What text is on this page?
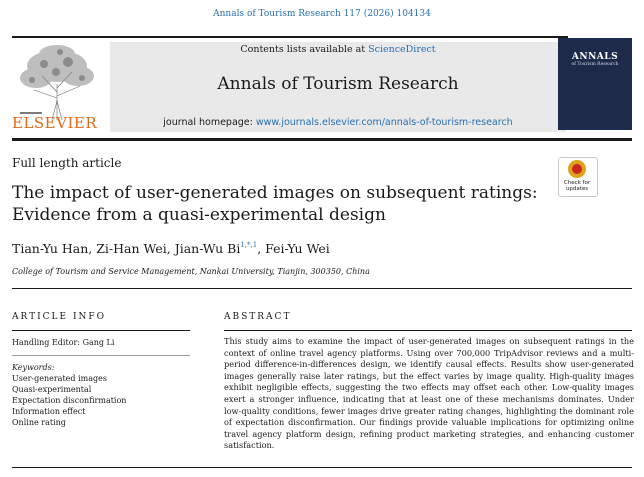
Annals of Tourism Research 117 (2026) 104134
ELSEVIER
Contents lists available at ScienceDirect
Annals of Tourism Research
journal homepage: www.journals.elsevier.com/annals-of-tourism-research
ANNALS
of Tourism Research
Full length article
Check for updates
The impact of user-generated images on subsequent ratings: Evidence from a quasi-experimental design
Tian-Yu Han, Zi-Han Wei, Jian-Wu $Bi^{1,*,1}$, Fei-Yu Wei
College of Tourism and Service Management, Nankai University, Tianjin, 300350, China
ARTICLE INFO	ABSTRACT
Handling Editor: Gang Li
Keywords:
User-generated images
Quasi-experimental
Expectation disconfirmation
Information effect
Online rating
This study aims to examine the impact of user-generated images on subsequent ratings in the context of online travel agency platforms. Using over 700,000 TripAdvisor reviews and a multi-period difference-in-differences design, we identify causal effects. Results show user-generated images generally raise later ratings, but the effect varies by image quality. High-quality images exhibit negligible effects, suggesting the two effects may offset each other. Low-quality images exert a stronger influence, indicating that at least one of these mechanisms dominates. Under low-quality conditions, fewer images drive greater rating changes, highlighting the dominant role of expectation disconfirmation. Our findings provide valuable implications for optimizing online travel agency platform design, refining product marketing strategies, and enhancing customer satisfaction.
